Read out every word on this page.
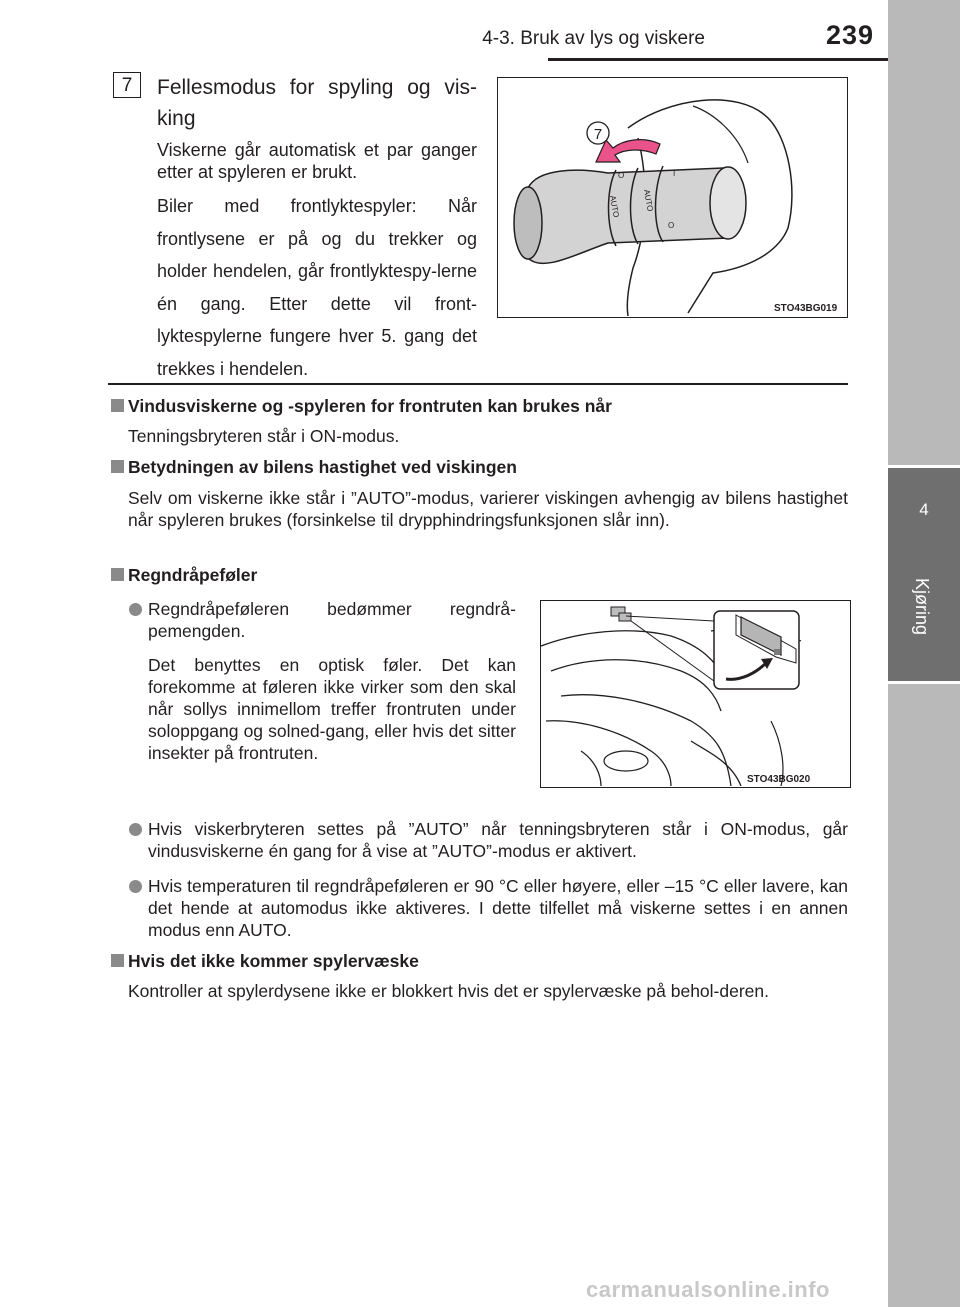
4-3. Bruk av lys og viskere	239
4
Kjøring
7	Fellesmodus for spyling og vis-king
Viskerne går automatisk et par ganger etter at spyleren er brukt.
Biler med frontlyktespyler: Når frontlysene er på og du trekker og holder hendelen, går frontlyktespy-lerne én gang. Etter dette vil front-lyktespylerne fungere hver 5. gang det trekkes i hendelen.
AUTO	AUTO
O
O
I
7
STO43BG019
Vindusviskerne og -spyleren for frontruten kan brukes når
Tenningsbryteren står i ON-modus.
Betydningen av bilens hastighet ved viskingen
Selv om viskerne ikke står i ”AUTO”-modus, varierer viskingen avhengig av bilens hastighet når spyleren brukes (forsinkelse til drypphindringsfunksjonen slår inn).
Regndråpeføler
Regndråpeføleren bedømmer regndrå-pemengden.
Det benyttes en optisk føler. Det kan forekomme at føleren ikke virker som den skal når sollys innimellom treffer frontruten under soloppgang og solned-gang, eller hvis det sitter insekter på frontruten.
STO43BG020
Hvis viskerbryteren settes på ”AUTO” når tenningsbryteren står i ON-modus, går vindusviskerne én gang for å vise at ”AUTO”-modus er aktivert.
Hvis temperaturen til regndråpeføleren er 90 °C eller høyere, eller –15 °C eller lavere, kan det hende at automodus ikke aktiveres. I dette tilfellet må viskerne settes i en annen modus enn AUTO.
Hvis det ikke kommer spylervæske
Kontroller at spylerdysene ikke er blokkert hvis det er spylervæske på behol-deren.
carmanualsonline.info
